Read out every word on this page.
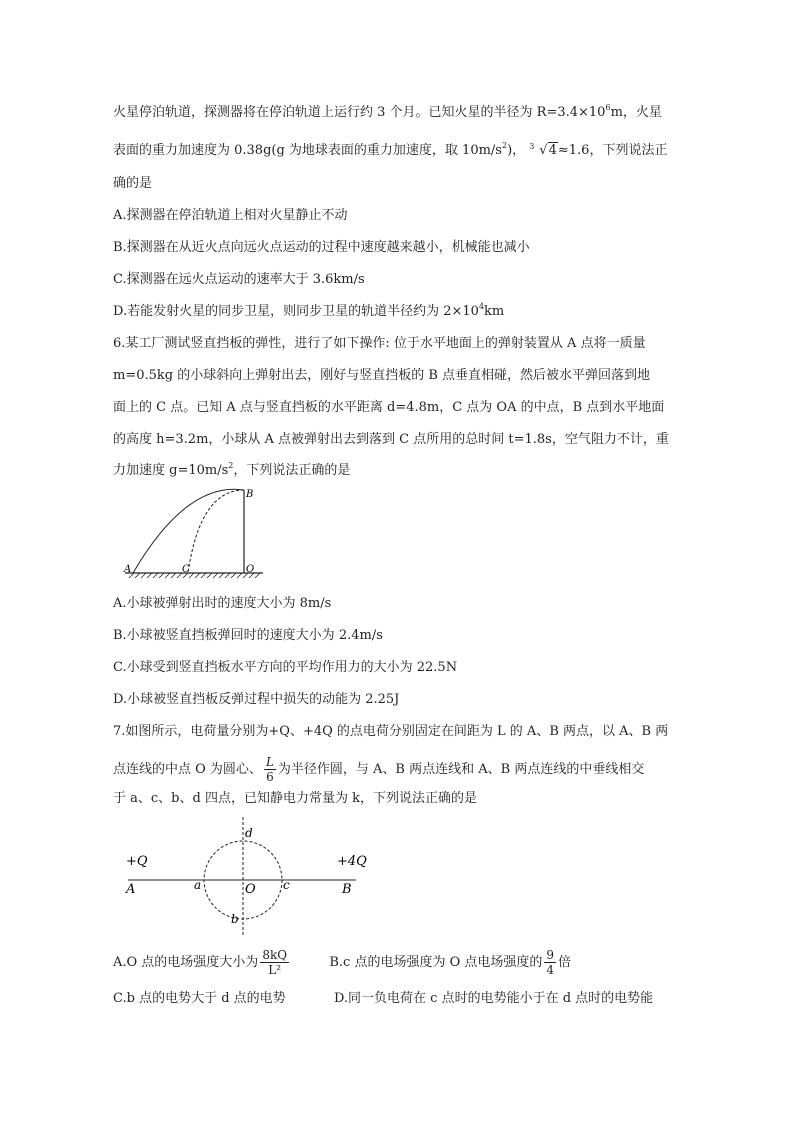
火星停泊轨道，探测器将在停泊轨道上运行约 3 个月。已知火星的半径为 $R=3.4\times 10^6m$，火星
表面的重力加速度为 0.38g(g 为地球表面的重力加速度，取 $10m/s^2$)， 3 √4≈1.6，下列说法正
确的是
A.探测器在停泊轨道上相对火星静止不动
B.探测器在从近火点向远火点运动的过程中速度越来越小，机械能也减小
C.探测器在远火点运动的速率大于 3.6km/s
D.若能发射火星的同步卫星，则同步卫星的轨道半径约为 $2\times 10^4km$
6.某工厂测试竖直挡板的弹性，进行了如下操作: 位于水平地面上的弹射装置从 A 点将一质量
m=0.5kg 的小球斜向上弹射出去，刚好与竖直挡板的 B 点垂直相碰，然后被水平弹回落到地
面上的 C 点。已知 A 点与竖直挡板的水平距离 d=4.8m，C 点为 OA 的中点，B 点到水平地面
的高度 h=3.2m，小球从 A 点被弹射出去到落到 C 点所用的总时间 t=1.8s，空气阻力不计，重
力加速度 $g=10m/s^2$，下列说法正确的是
B
A	C	O
A.小球被弹射出时的速度大小为 8m/s
B.小球被竖直挡板弹回时的速度大小为 2.4m/s
C.小球受到竖直挡板水平方向的平均作用力的大小为 22.5N
D.小球被竖直挡板反弹过程中损失的动能为 2.25J
7.如图所示，电荷量分别为+Q、+4Q 的点电荷分别固定在间距为 L 的 A、B 两点，以 A、B 两
点连线的中点 O 为圆心、 $\frac{L}{6}$ 为半径作圆，与 A、B 两点连线和 A、B 两点连线的中垂线相交
于 a、c、b、d 四点，已知静电力常量为 k，下列说法正确的是
+Q	+4Q
A	B
a	O c
d
b
A.O 点的电场强度大小为 $\frac{8kQ}{\text{L²}}$	B.c 点的电场强度为 O 点电场强度的 $\frac{9}{4}$ 倍
C.b 点的电势大于 d 点的电势	D.同一负电荷在 c 点时的电势能小于在 d 点时的电势能
